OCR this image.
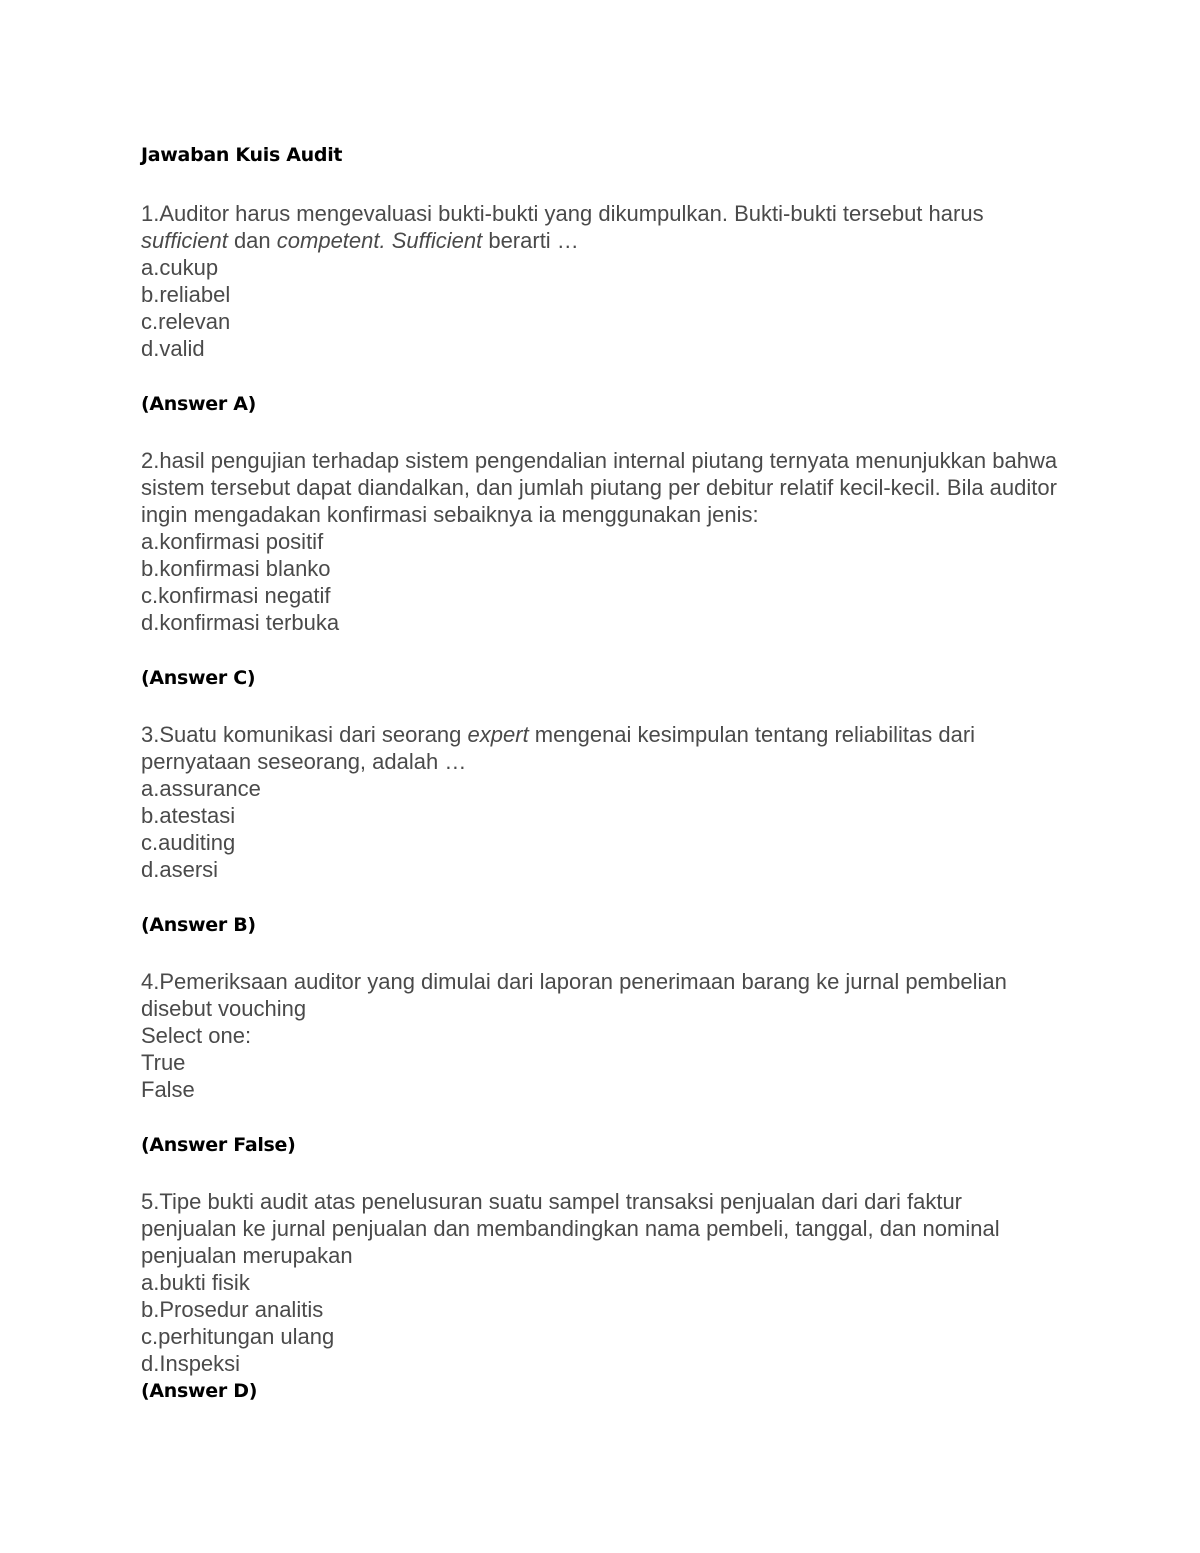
Jawaban Kuis Audit

1.Auditor harus mengevaluasi bukti-bukti yang dikumpulkan. Bukti-bukti tersebut harus sufficient dan competent. Sufficient berarti …

a.cukup
b.reliabel
c.relevan
d.valid
(Answer A)

2.hasil pengujian terhadap sistem pengendalian internal piutang ternyata menunjukkan bahwa sistem tersebut dapat diandalkan, dan jumlah piutang per debitur relatif kecil-kecil. Bila auditor ingin mengadakan konfirmasi sebaiknya ia menggunakan jenis:

a.konfirmasi positif
b.konfirmasi blanko
c.konfirmasi negatif
d.konfirmasi terbuka
(Answer C)

3.Suatu komunikasi dari seorang expert mengenai kesimpulan tentang reliabilitas dari pernyataan seseorang, adalah …

a.assurance
b.atestasi
c.auditing
d.asersi
(Answer B)

4.Pemeriksaan auditor yang dimulai dari laporan penerimaan barang ke jurnal pembelian disebut vouching

Select one:
True
False
(Answer False)

5.Tipe bukti audit atas penelusuran suatu sampel transaksi penjualan dari dari faktur penjualan ke jurnal penjualan dan membandingkan nama pembeli, tanggal, dan nominal penjualan merupakan

a.bukti fisik
b.Prosedur analitis
c.perhitungan ulang
d.Inspeksi
(Answer D)
